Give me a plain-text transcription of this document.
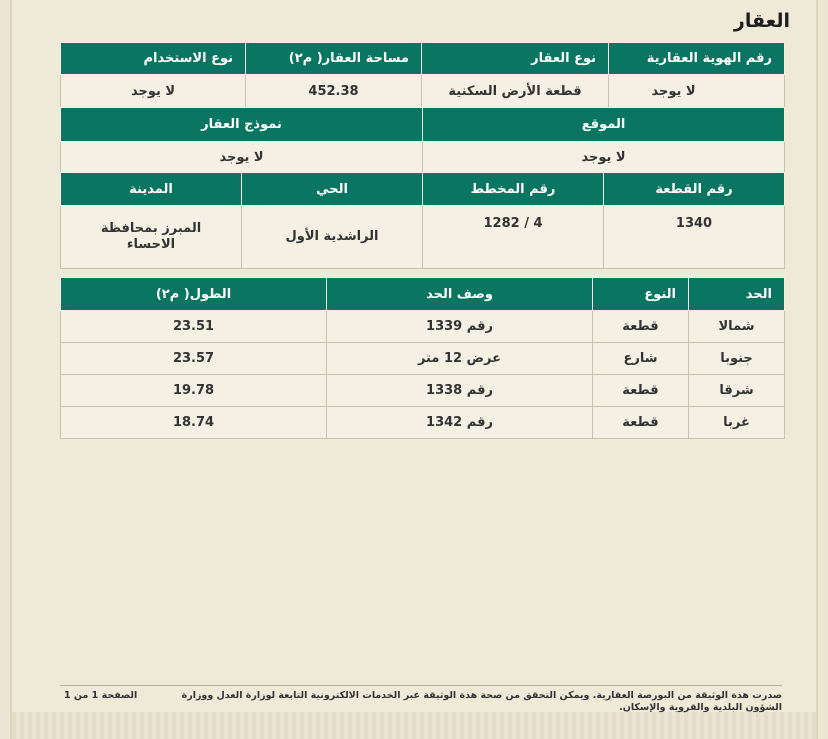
العقار
رقم الهوية العقارية	نوع العقار	مساحة العقار( م٢)	نوع الاستخدام
لا يوجد	قطعة الأرض السكنية	452.38	لا يوجد
الموقع	نموذج العقار
لا يوجد	لا يوجد
رقم القطعة	رقم المخطط	الحي	المدينة
1340	1282 / 4	الراشدية الأول	المبرز بمحافظة الاحساء
الحد	النوع	وصف الحد	الطول( م٢)
شمالا	قطعة	رقم 1339	23.51
جنوبا	شارع	عرض 12 متر	23.57
شرقا	قطعة	رقم 1338	19.78
غربا	قطعة	رقم 1342	18.74
صدرت هذة الوثيقة من البورصة العقارية. ويمكن التحقق من صحة هذة الوثيقة عبر الخدمات الالكترونية التابعة لوزارة العدل ووزارة الشؤون البلدية والقروية والإسكان.
الصفحة 1 من 1
